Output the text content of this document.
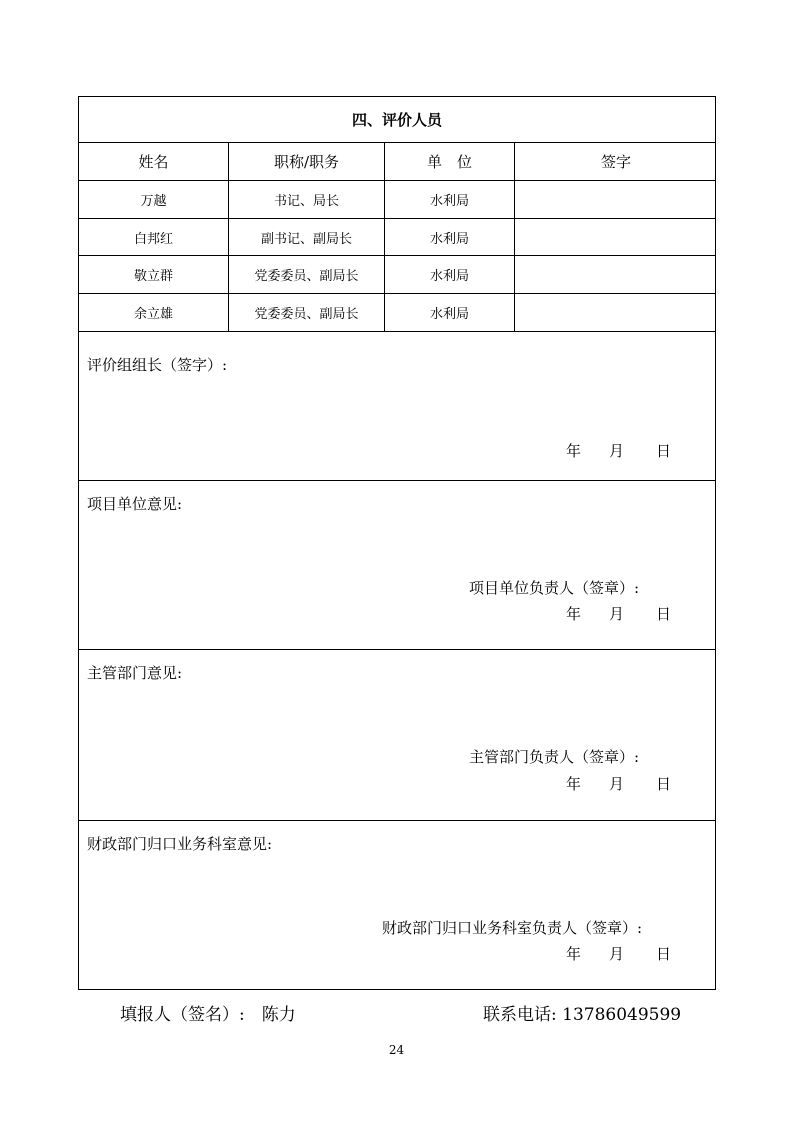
四、评价人员
姓名	职称/职务	单　位	签字
万越	书记、局长	水利局
白邦红	副书记、副局长	水利局
敬立群	党委委员、副局长	水利局
余立雄	党委委员、副局长	水利局
评价组组长（签字）:
年 月 日
项目单位意见:
项目单位负责人（签章）:
年 月 日
主管部门意见:
主管部门负责人（签章）:
年 月 日
财政部门归口业务科室意见:
财政部门归口业务科室负责人（签章）:
年 月 日
填报人（签名）:　陈力	联系电话: 13786049599
24
